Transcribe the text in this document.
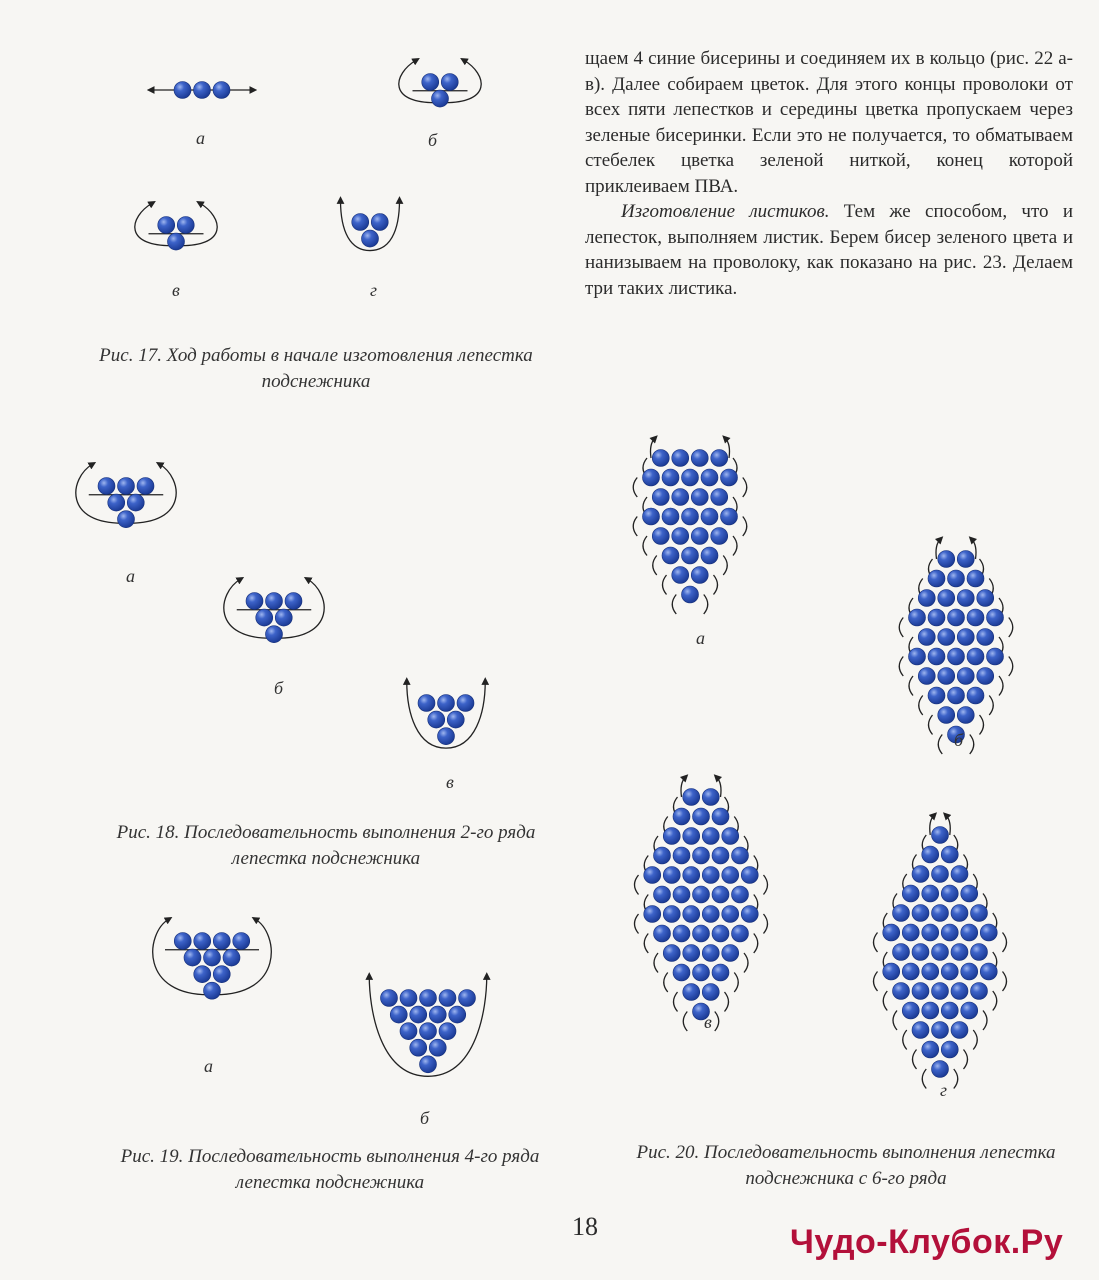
щаем 4 синие бисерины и соединяем их в кольцо (рис. 22 а-в). Далее собираем цветок. Для этого концы проволоки от всех пяти лепестков и середины цветка пропускаем через зеленые бисеринки. Если это не получается, то обматываем стебелек цветка зеленой ниткой, конец которой приклеиваем ПВА.

Изготовление листиков. Тем же способом, что и лепесток, выполняем листик. Берем бисер зеленого цвета и нанизываем на проволоку, как показано на рис. 23. Делаем три таких листика.

а	б
в	г
Рис. 17. Ход работы в начале изготовления лепестка подснежника
а
б
в
Рис. 18. Последовательность выполнения 2-го ряда лепестка подснежника
а
б
Рис. 19. Последовательность выполнения 4-го ряда лепестка подснежника
а
б
в
г
Рис. 20. Последовательность выполнения лепестка подснежника с 6-го ряда
18	Чудо-Клубок.Ру
